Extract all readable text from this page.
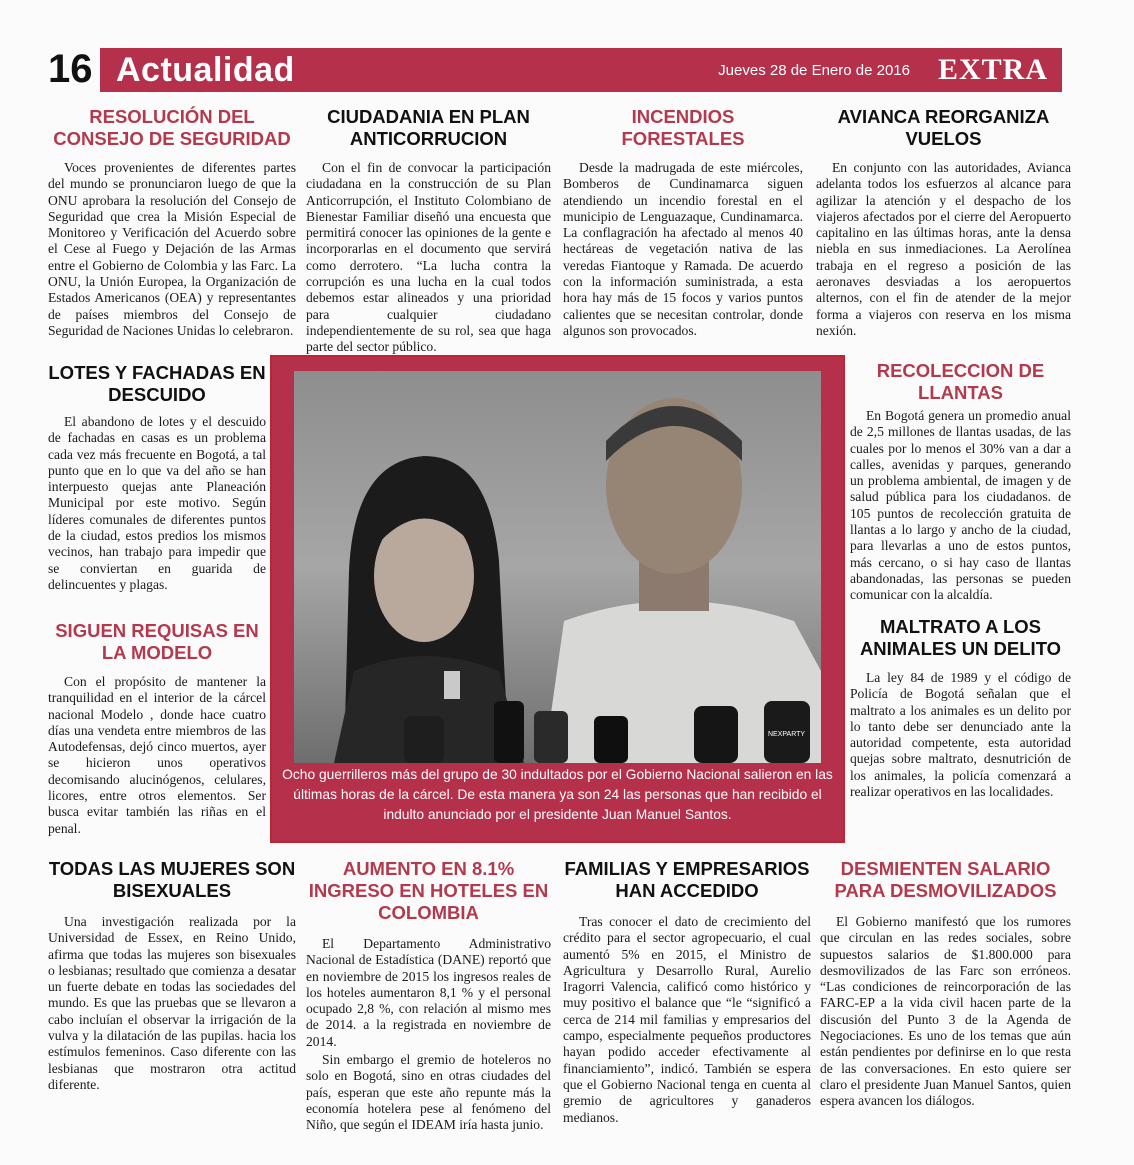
16 Actualidad	Jueves 28 de Enero de 2016 EXTRA
RESOLUCIÓN DEL CONSEJO DE SEGURIDAD

Voces provenientes de diferentes partes del mundo se pronunciaron luego de que la ONU aprobara la resolución del Consejo de Seguridad que crea la Misión Especial de Monitoreo y Verificación del Acuerdo sobre el Cese al Fuego y Dejación de las Armas entre el Gobierno de Colombia y las Farc. La ONU, la Unión Europea, la Organización de Estados Americanos (OEA) y representantes de países miembros del Consejo de Seguridad de Naciones Unidas lo celebraron.

CIUDADANIA EN PLAN ANTICORRUCION

Con el fin de convocar la participación ciudadana en la construcción de su Plan Anticorrupción, el Instituto Colombiano de Bienestar Familiar diseñó una encuesta que permitirá conocer las opiniones de la gente e incorporarlas en el documento que servirá como derrotero. “La lucha contra la corrupción es una lucha en la cual todos debemos estar alineados y una prioridad para cualquier ciudadano independientemente de su rol, sea que haga parte del sector público.

INCENDIOS FORESTALES

Desde la madrugada de este miércoles, Bomberos de Cundinamarca siguen atendiendo un incendio forestal en el municipio de Lenguazaque, Cundinamarca. La conflagración ha afectado al menos 40 hectáreas de vegetación nativa de las veredas Fiantoque y Ramada. De acuerdo con la información suministrada, a esta hora hay más de 15 focos y varios puntos calientes que se necesitan controlar, donde algunos son provocados.

AVIANCA REORGANIZA VUELOS

En conjunto con las autoridades, Avianca adelanta todos los esfuerzos al alcance para agilizar la atención y el despacho de los viajeros afectados por el cierre del Aeropuerto capitalino en las últimas horas, ante la densa niebla en sus inmediaciones. La Aerolínea trabaja en el regreso a posición de las aeronaves desviadas a los aeropuertos alternos, con el fin de atender de la mejor forma a viajeros con reserva en los misma nexión.

LOTES Y FACHADAS EN DESCUIDO

El abandono de lotes y el descuido de fachadas en casas es un problema cada vez más frecuente en Bogotá, a tal punto que en lo que va del año se han interpuesto quejas ante Planeación Municipal por este motivo. Según líderes comunales de diferentes puntos de la ciudad, estos predios los mismos vecinos, han trabajo para impedir que se conviertan en guarida de delincuentes y plagas.

SIGUEN REQUISAS EN LA MODELO

Con el propósito de mantener la tranquilidad en el interior de la cárcel nacional Modelo , donde hace cuatro días una vendeta entre miembros de las Autodefensas, dejó cinco muertos, ayer se hicieron unos operativos decomisando alucinógenos, celulares, licores, entre otros elementos. Ser busca evitar también las riñas en el penal.

RECOLECCION DE LLANTAS

En Bogotá genera un promedio anual de 2,5 millones de llantas usadas, de las cuales por lo menos el 30% van a dar a calles, avenidas y parques, generando un problema ambiental, de imagen y de salud pública para los ciudadanos. de 105 puntos de recolección gratuita de llantas a lo largo y ancho de la ciudad, para llevarlas a uno de estos puntos, más cercano, o si hay caso de llantas abandonadas, las personas se pueden comunicar con la alcaldía.

MALTRATO A LOS ANIMALES UN DELITO

La ley 84 de 1989 y el código de Policía de Bogotá señalan que el maltrato a los animales es un delito por lo tanto debe ser denunciado ante la autoridad competente, esta autoridad quejas sobre maltrato, desnutrición de los animales, la policía comenzará a realizar operativos en las localidades.

NEXPARTY
Ocho guerrilleros más del grupo de 30 indultados por el Gobierno Nacional salieron en las últimas horas de la cárcel. De esta manera ya son 24 las personas que han recibido el indulto anunciado por el presidente Juan Manuel Santos.
TODAS LAS MUJERES SON BISEXUALES

Una investigación realizada por la Universidad de Essex, en Reino Unido, afirma que todas las mujeres son bisexuales o lesbianas; resultado que comienza a desatar un fuerte debate en todas las sociedades del mundo. Es que las pruebas que se llevaron a cabo incluían el observar la irrigación de la vulva y la dilatación de las pupilas. hacia los estímulos femeninos. Caso diferente con las lesbianas que mostraron otra actitud diferente.

AUMENTO EN 8.1% INGRESO EN HOTELES EN COLOMBIA

El Departamento Administrativo Nacional de Estadística (DANE) reportó que en noviembre de 2015 los ingresos reales de los hoteles aumentaron 8,1 % y el personal ocupado 2,8 %, con relación al mismo mes de 2014. a la registrada en noviembre de 2014.

Sin embargo el gremio de hoteleros no solo en Bogotá, sino en otras ciudades del país, esperan que este año repunte más la economía hotelera pese al fenómeno del Niño, que según el IDEAM iría hasta junio.

FAMILIAS Y EMPRESARIOS HAN ACCEDIDO

Tras conocer el dato de crecimiento del crédito para el sector agropecuario, el cual aumentó 5% en 2015, el Ministro de Agricultura y Desarrollo Rural, Aurelio Iragorri Valencia, calificó como histórico y muy positivo el balance que “le “significó a cerca de 214 mil familias y empresarios del campo, especialmente pequeños productores hayan podido acceder efectivamente al financiamiento”, indicó. También se espera que el Gobierno Nacional tenga en cuenta al gremio de agricultores y ganaderos medianos.

DESMIENTEN SALARIO PARA DESMOVILIZADOS

El Gobierno manifestó que los rumores que circulan en las redes sociales, sobre supuestos salarios de $1.800.000 para desmovilizados de las Farc son erróneos. “Las condiciones de reincorporación de las FARC-EP a la vida civil hacen parte de la discusión del Punto 3 de la Agenda de Negociaciones. Es uno de los temas que aún están pendientes por definirse en lo que resta de las conversaciones. En esto quiere ser claro el presidente Juan Manuel Santos, quien espera avancen los diálogos.
